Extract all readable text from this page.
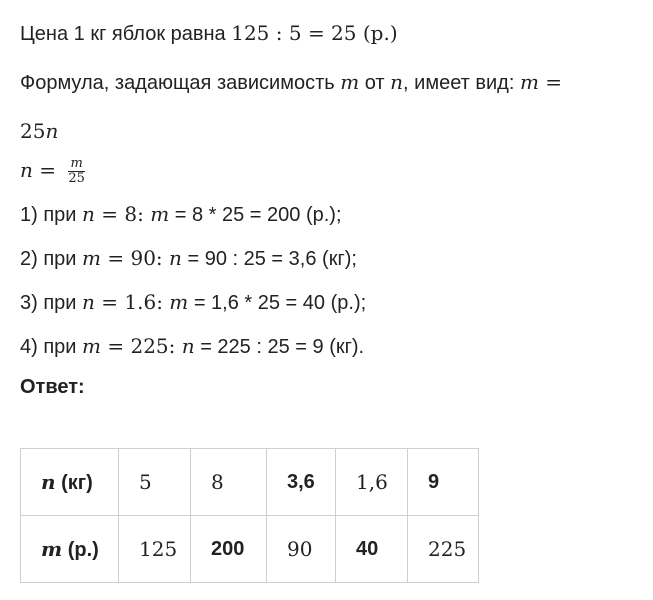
Цена 1 кг яблок равна 125 : 5 = 25 (р.)

Формула, задающая зависимость m от n, имеет вид: m =

25n

$n = \frac{m}{25}$

1) при n = 8: m = 8 * 25 = 200 (р.);

2) при m = 90: n = 90 : 25 = 3,6 (кг);

3) при n = 1.6: m = 1,6 * 25 = 40 (р.);

4) при m = 225: n = 225 : 25 = 9 (кг).

Ответ:

n (кг)	5	8	3,6	1,6	9
m (р.)	125	200	90	40	225
